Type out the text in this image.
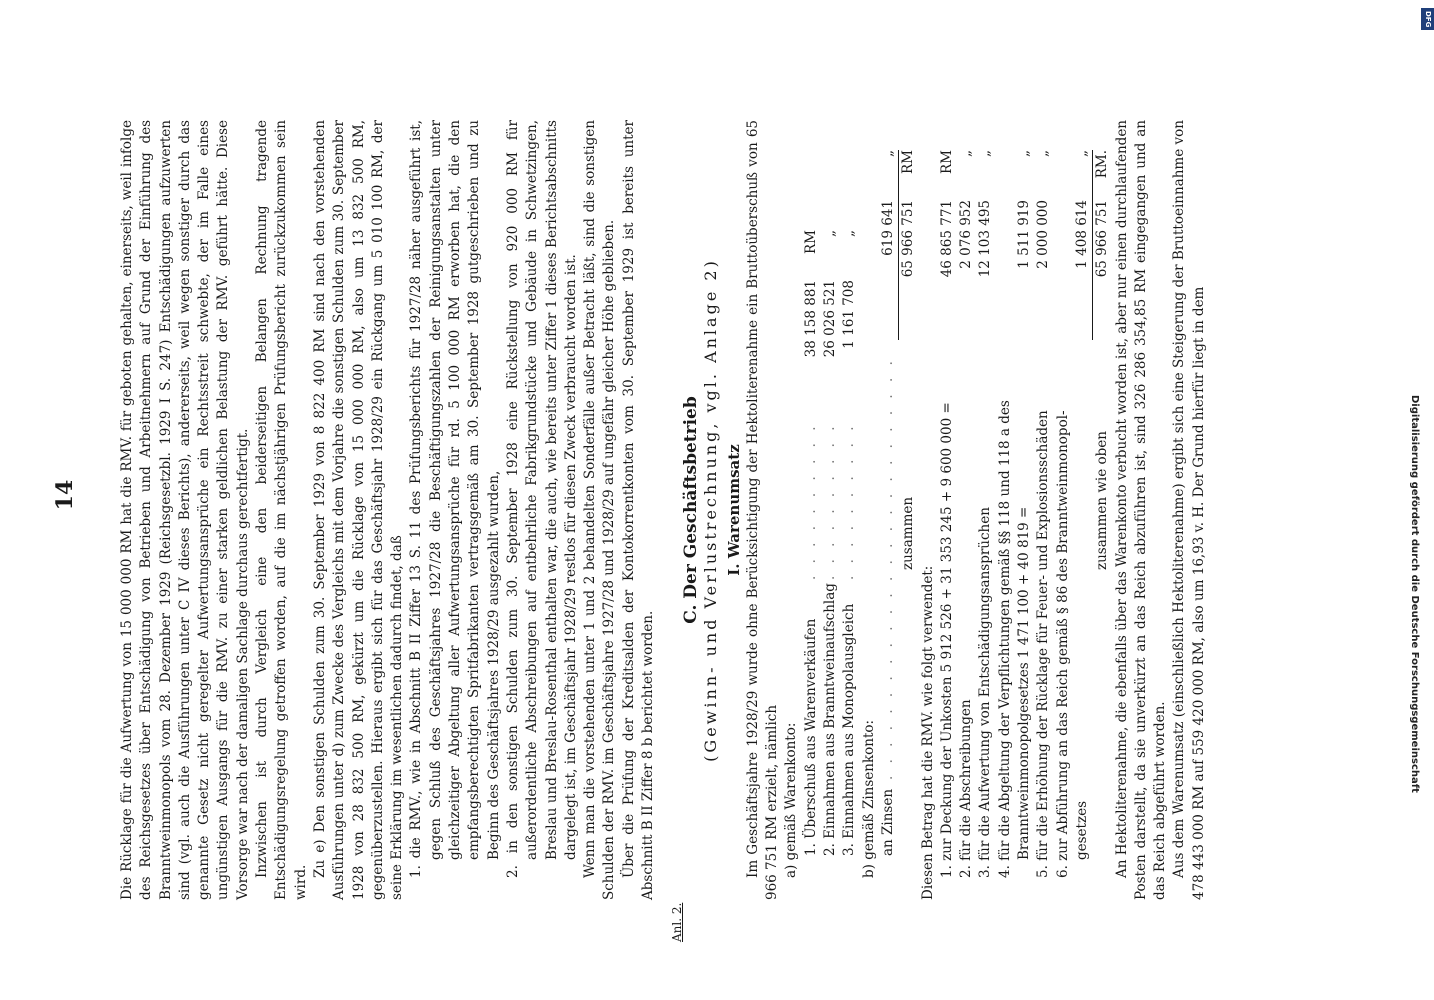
14	Die Rücklage für die Aufwertung von 15 000 000 RM hat die RMV. für geboten gehalten, einerseits, weil infolge des Reichsgesetzes über Entschädigung von Betrieben und Arbeitnehmern auf Grund der Einführung des Branntweinmonopols vom 28. Dezember 1929 (Reichsgesetzbl. 1929 I S. 247) Entschädigungen aufzuwerten sind (vgl. auch die Ausführungen unter C IV dieses Berichts), andererseits, weil wegen sonstiger durch das genannte Gesetz nicht geregelter Aufwertungsansprüche ein Rechtsstreit schwebte, der im Falle eines ungünstigen Ausgangs für die RMV. zu einer starken geldlichen Belastung der RMV. geführt hätte. Diese Vorsorge war nach der damaligen Sachlage durchaus gerechtfertigt. Inzwischen ist durch Vergleich eine den beiderseitigen Belangen Rechnung tragende Entschädigungsregelung getroffen worden, auf die im nächstjährigen Prüfungsbericht zurückzukommen sein wird.

Zu e) Den sonstigen Schulden zum 30. September 1929 von 8 822 400 RM sind nach den vorstehenden Ausführungen unter d) zum Zwecke des Vergleichs mit dem Vorjahre die sonstigen Schulden zum 30. September 1928 von 28 832 500 RM, gekürzt um die Rücklage von 15 000 000 RM, also um 13 832 500 RM, gegenüberzustellen. Hieraus ergibt sich für das Geschäftsjahr 1928/29 ein Rückgang um 5 010 100 RM, der seine Erklärung im wesentlichen dadurch findet, daß 1. die RMV., wie in Abschnitt B II Ziffer 13 S. 11 des Prüfungsberichts für 1927/28 näher ausgeführt ist, gegen Schluß des Geschäftsjahres 1927/28 die Beschäftigungszahlen der Reinigungsanstalten unter gleichzeitiger Abgeltung aller Aufwertungsansprüche für rd. 5 100 000 RM erworben hat, die den empfangsberechtigten Spritfabrikanten vertragsgemäß am 30. September 1928 gutgeschrieben und zu Beginn des Geschäftsjahres 1928/29 ausgezahlt wurden, 2. in den sonstigen Schulden zum 30. September 1928 eine Rückstellung von 920 000 RM für außerordentliche Abschreibungen auf entbehrliche Fabrikgrundstücke und Gebäude in Schwetzingen, Breslau und Breslau-Rosenthal enthalten war, die auch, wie bereits unter Ziffer 1 dieses Berichtsabschnitts dargelegt ist, im Geschäftsjahr 1928/29 restlos für diesen Zweck verbraucht worden ist. Wenn man die vorstehenden unter 1 und 2 behandelten Sonderfälle außer Betracht läßt, sind die sonstigen Schulden der RMV. im Geschäftsjahre 1927/28 und 1928/29 auf ungefähr gleicher Höhe geblieben. Über die Prüfung der Kreditsalden der Kontokorrentkonten vom 30. September 1929 ist bereits unter Abschnitt B II Ziffer 8 b berichtet worden.

Anl. 2.

C. Der Geschäftsbetrieb (Gewinn- und Verlustrechnung, vgl. Anlage 2) I. Warenumsatz Im Geschäftsjahre 1928/29 wurde ohne Berücksichtigung der Hektoliterenahme ein Bruttoüberschuß von 65 966 751 RM erzielt, nämlich a) gemäß Warenkonto: 1. Überschuß aus Warenverkäufen
. . . . . . . . . .
38 158 881
RM
2. Einnahmen aus Branntweinaufschlag
. . . . . . . . . .
26 026 521
„
3. Einnahmen aus Monopolausgleich
. . . . . . . . . .
1 161 708
„
b) gemäß Zinsenkonto: an Zinsen
. . . . . . . . . . . . . . . . . . . . . . . . . .
619 641
„
zusammen
65 966 751
RM

Diesen Betrag hat die RMV. wie folgt verwendet: 1. zur Deckung der Unkosten 5 912 526 + 31 353 245 + 9 600 000 =
46 865 771
RM
2. für die Abschreibungen
2 076 952
„
3. für die Aufwertung von Entschädigungsansprüchen
12 103 495
„
4. für die Abgeltung der Verpflichtungen gemäß §§ 118 und 118 a des Branntweinmonopolgesetzes 1 471 100 + 40 819 =
1 511 919
„
5. für die Erhöhung der Rücklage für Feuer- und Explosionsschäden
2 000 000
„
6. zur Abführung an das Reich gemäß § 86 des Branntweinmonopol- gesetzes
1 408 614
„
zusammen wie oben
65 966 751
RM. An Hektoliterenahme, die ebenfalls über das Warenkonto verbucht worden ist, aber nur einen durchlaufenden Posten darstellt, da sie unverkürzt an das Reich abzuführen ist, sind 326 286 354,85 RM eingegangen und an das Reich abgeführt worden. Aus dem Warenumsatz (einschließlich Hektoliterenahme) ergibt sich eine Steigerung der Bruttoeinnahme von 478 443 000 RM auf 559 420 000 RM, also um 16,93 v. H. Der Grund hierfür liegt in dem

DFG
Digitalisierung gefördert durch die Deutsche Forschungsgemeinschaft
